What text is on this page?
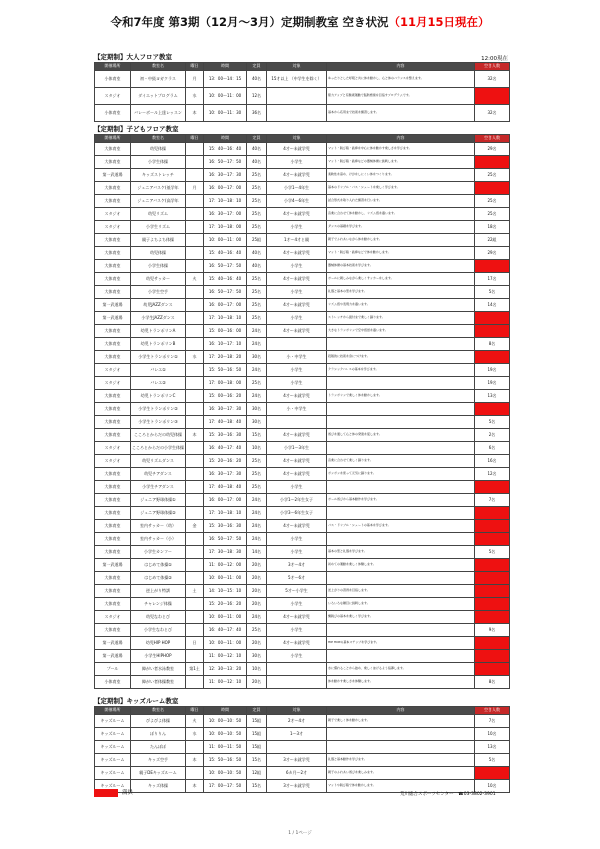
令和7年度 第3期（12月～3月）定期制教室 空き状況（11月15日現在）
【定期制】大人フロア教室	12:00現在
開催場所	教室名	曜日	時間	定員	対象	内容	空き人数
小体育室	初・中級ヨガクラス	月	13：00～14：15	40名	15才以上 （中学生を除く）	ゆったりとした呼吸と共に体を動かし、心と体のバランスを整えます。	32名
スタジオ	ダイエットプログラム	水	10：00～11：00	12名		筋力アップと有酸素運動で脂肪燃焼を目指すプログラムです。	
小体育室	バレーボール上達レッスン	木	10：00～11：30	36名		基本から応用まで技術を練習します。	32名
【定期制】子どもフロア教室
開催場所	教室名	曜日	時間	定員	対象	内容	空き人数
大体育室	幼児体操		15：40～16：40	40名	4才～未就学児	マット・跳び箱・鉄棒を中心に体を動かす楽しさを学びます。	29名
大体育室	小学生体操		16：50～17：50	40名	小学生	マット・跳び箱・鉄棒などの器械体操に挑戦します。	
第一武道場	キッズストレッチ		16：30～17：30	25名	4才～未就学児	柔軟性を高め、けがをしにくい体をつくります。	25名
大体育室	ジュニアバスケ(低学年	月	16：00～17：00	25名	小学1～4年生	基本のドリブル・パス・シュートを楽しく学びます。	
大体育室	ジュニアバスケ(高学年		17：10～18：10	25名	小学4～6年生	試合形式を取り入れた練習を行います。	25名
スタジオ	幼児リズム		16：30～17：00	25名	4才～未就学児	音楽に合わせて体を動かし、リズム感を養います。	25名
スタジオ	小学生リズム		17：10～18：00	25名	小学生	ダンスの基礎を学びます。	18名
大体育室	親子よちよち体操		10：00～11：00	25組	1才～4才と親	親子でふれあいながら体を動かします。	22組
大体育室	幼児体操		15：40～16：40	40名	4才～未就学児	マット・跳び箱・鉄棒などで体を動かします。	29名
大体育室	小学生体操		16：50～17：50	40名	小学生	器械体操の基本技術を学びます。	
大体育室	幼児サッカー	火	15：40～16：40	25名	4才～未就学児	ボールに親しみながら楽しくサッカーをします。	17名
大体育室	小学生空手		16：50～17：50	25名	小学生	礼儀と基本の型を学びます。	5名
第一武道場	幼児JAZZダンス		16：00～17：00	25名	4才～未就学児	リズム感や表現力を養います。	14名
第一武道場	小学生JAZZダンス		17：10～18：10	25名	小学生	ストレッチから振付まで楽しく踊ります。	
大体育室	幼児トランポリンA		15：00～16：00	24名	4才～未就学児	大きなトランポリンで空中感覚を養います。	
大体育室	幼児トランポリンB		16：10～17：10	24名			8名
大体育室	小学生トランポリン①	水	17：20～18：20	30名	小・中学生	段階的に技術を身につけます。	
スタジオ	バレエ①		15：50～16：50	24名	小学生	クラシックバレエの基本を学びます。	19名
スタジオ	バレエ②		17：00～18：00	25名	小学生		19名
大体育室	幼児トランポリンC		15：00～16：20	24名	4才～未就学児	トランポリンで楽しく体を動かします。	13名
大体育室	小学生トランポリン②		16：30～17：30	30名	小・中学生		
大体育室	小学生トランポリン③		17：40～18：40	30名			5名
大体育室	こころとからだの幼児体操	木	15：30～16：30	15名	4才～未就学児	遊びを通して心と体の発達を促します。	2名
スタジオ	こころとからだの小学生体操		16：40～17：40	10名	小学1～3年生		6名
スタジオ	幼児リズムダンス		15：20～16：20	25名	4才～未就学児	音楽に合わせて楽しく踊ります。	16名
大体育室	幼児チアダンス		16：30～17：30	25名	4才～未就学児	ポンポンを使って元気に踊ります。	12名
大体育室	小学生チアダンス		17：40～18：40	25名	小学生		
大体育室	ジュニア野球体操①		16：00～17：00	24名	小学1～2年生女子	ボール遊びから基本動作を学びます。	7名
大体育室	ジュニア野球体操②		17：10～18：10	24名	小学3～6年生女子		
大体育室	室内サッカー（幼）	金	15：30～16：30	24名	4才～未就学児	パス・ドリブル・シュートの基本を学びます。	
大体育室	室内サッカー（小）		16：50～17：50	24名	小学生		
大体育室	小学生カンフー		17：30～18：30	14名	小学生	基本の型と礼儀を学びます。	5名
第一武道場	はじめて体操①		11：00～12：00	20名	3才～4才	初めての運動を楽しく体験します。	
大体育室	はじめて体操②		10：00～11：00	20名	5才～6才		
大体育室	逆上がり特訓	土	14：10～15：10	20名	5才～小学生	逆上がりの習得を目指します。	
大体育室	チャレンジ体操		15：20～16：20	20名	小学生	いろいろな種目に挑戦します。	
スタジオ	幼児なわとび		10：00～11：00	24名	4才～未就学児	縄跳びの基本を楽しく学びます。	
大体育室	小学生なわとび		16：40～17：40	25名	小学生		9名
第一武道場	幼児HIP HOP	日	10：00～11：00	20名	4才～未就学児	HIP HOPの基本ステップを学びます。	
第一武道場	小学生HIPHOP		11：00～12：10	30名	小学生		
プール	障がい者水泳教室	第1土	12：30～13：20	10名		水に慣れることから始め、楽しく泳げるよう指導します。	
小体育室	障がい者体操教室		11：00～12：10	20名		体を動かす楽しさを体験します。	8名
【定期制】キッズルーム教室
開催場所	教室名	曜日	時間	定員	対象	内容	空き人数
キッズルーム	ぴよぴよ体操	火	10：00～10：50	15組	2才～4才	親子で楽しく体を動かします。	7名
キッズルーム	ぽりりん	水	10：00～10：50	15組	1～3才		10名
キッズルーム	たんぽぽ		11：00～11：50	15組			13名
キッズルーム	キッズ空手	木	15：50～16：50	15名	3才～未就学児	礼儀と基本動作を学びます。	5名
キッズルーム	親子DEキッズルーム		10：00～10：50	12組	6カ月～2才	親子のふれあい遊びを楽しみます。	
キッズルーム	キッズ体操	木	17：00～17：50	15名	3才～未就学児	マットや跳び箱で体を動かします。	10名
満員	荒川総合スポーツセンター　☎03-3802-3901
1 / 1ページ
